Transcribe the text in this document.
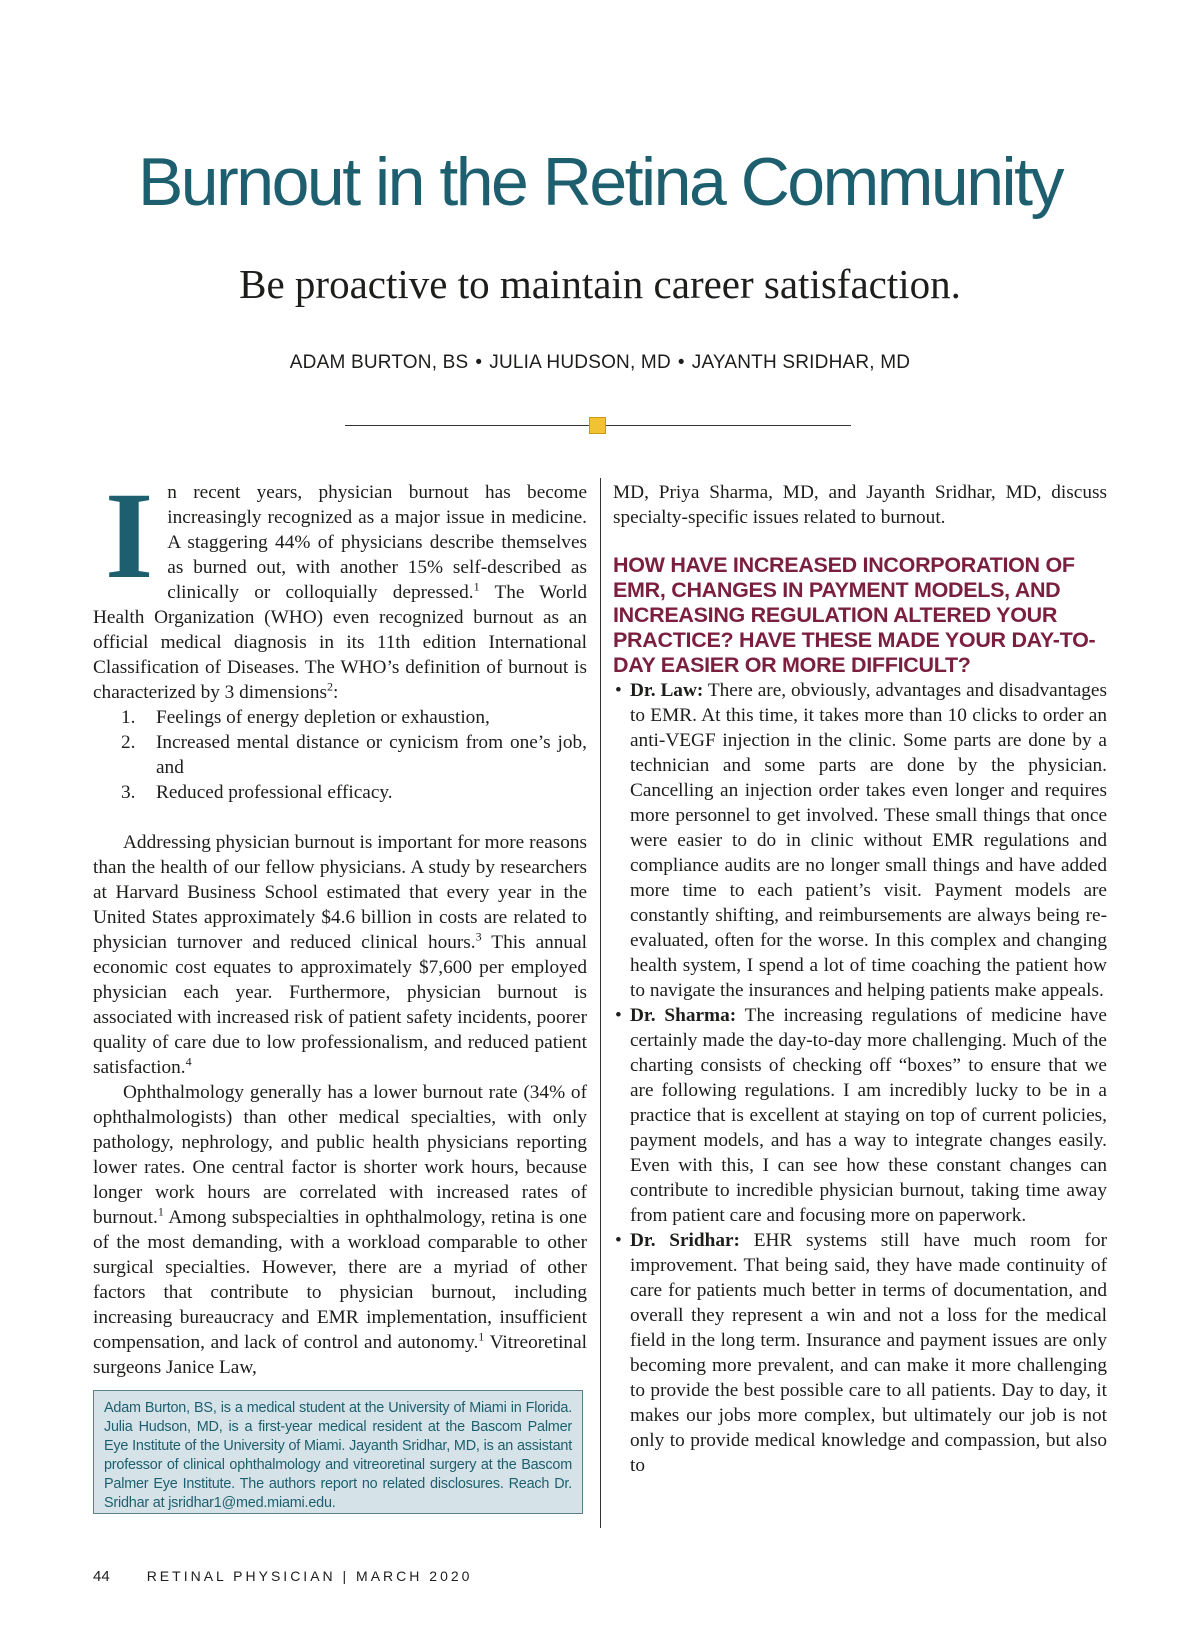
Burnout in the Retina Community
Be proactive to maintain career satisfaction.
ADAM BURTON, BS • JULIA HUDSON, MD • JAYANTH SRIDHAR, MD

In recent years, physician burnout has become increasingly recognized as a major issue in medicine. A staggering 44% of physicians describe themselves as burned out, with another 15% self-described as clinically or colloquially depressed.$^1$ The World Health Organization (WHO) even recognized burnout as an official medical diagnosis in its 11th edition International Classification of Diseases. The WHO’s definition of burnout is characterized by 3 dimensions$^2$:

1. Feelings of energy depletion or exhaustion,
2. Increased mental distance or cynicism from one’s job, and
3. Reduced professional efficacy.

Addressing physician burnout is important for more reasons than the health of our fellow physicians. A study by researchers at Harvard Business School estimated that every year in the United States approximately $4.6 billion in costs are related to physician turnover and reduced clinical hours.$^3$ This annual economic cost equates to approximately $7,600 per employed physician each year. Furthermore, physician burnout is associated with increased risk of patient safety incidents, poorer quality of care due to low professionalism, and reduced patient satisfaction.$^4$

Ophthalmology generally has a lower burnout rate (34% of ophthalmologists) than other medical specialties, with only pathology, nephrology, and public health physicians reporting lower rates. One central factor is shorter work hours, because longer work hours are correlated with increased rates of burnout.$^1$ Among subspecialties in ophthalmology, retina is one of the most demanding, with a workload comparable to other surgical specialties. However, there are a myriad of other factors that contribute to physician burnout, including increasing bureaucracy and EMR implementation, insufficient compensation, and lack of control and autonomy.$^1$ Vitreoretinal surgeons Janice Law,

MD, Priya Sharma, MD, and Jayanth Sridhar, MD, discuss specialty-specific issues related to burnout.

HOW HAVE INCREASED INCORPORATION OF EMR, CHANGES IN PAYMENT MODELS, AND INCREASING REGULATION ALTERED YOUR PRACTICE? HAVE THESE MADE YOUR DAY-TO-DAY EASIER OR MORE DIFFICULT?
• Dr. Law: There are, obviously, advantages and disadvantages to EMR. At this time, it takes more than 10 clicks to order an anti-VEGF injection in the clinic. Some parts are done by a technician and some parts are done by the physician. Cancelling an injection order takes even longer and requires more personnel to get involved. These small things that once were easier to do in clinic without EMR regulations and compliance audits are no longer small things and have added more time to each patient’s visit. Payment models are constantly shifting, and reimbursements are always being re-evaluated, often for the worse. In this complex and changing health system, I spend a lot of time coaching the patient how to navigate the insurances and helping patients make appeals.
• Dr. Sharma: The increasing regulations of medicine have certainly made the day-to-day more challenging. Much of the charting consists of checking off “boxes” to ensure that we are following regulations. I am incredibly lucky to be in a practice that is excellent at staying on top of current policies, payment models, and has a way to integrate changes easily. Even with this, I can see how these constant changes can contribute to incredible physician burnout, taking time away from patient care and focusing more on paperwork.
• Dr. Sridhar: EHR systems still have much room for improvement. That being said, they have made continuity of care for patients much better in terms of documentation, and overall they represent a win and not a loss for the medical field in the long term. Insurance and payment issues are only becoming more prevalent, and can make it more challenging to provide the best possible care to all patients. Day to day, it makes our jobs more complex, but ultimately our job is not only to provide medical knowledge and compassion, but also to
Adam Burton, BS, is a medical student at the University of Miami in Florida. Julia Hudson, MD, is a first-year medical resident at the Bascom Palmer Eye Institute of the University of Miami. Jayanth Sridhar, MD, is an assistant professor of clinical ophthalmology and vitreoretinal surgery at the Bascom Palmer Eye Institute. The authors report no related disclosures. Reach Dr. Sridhar at jsridhar1@med.miami.edu.
44	RETINAL PHYSICIAN | MARCH 2020
